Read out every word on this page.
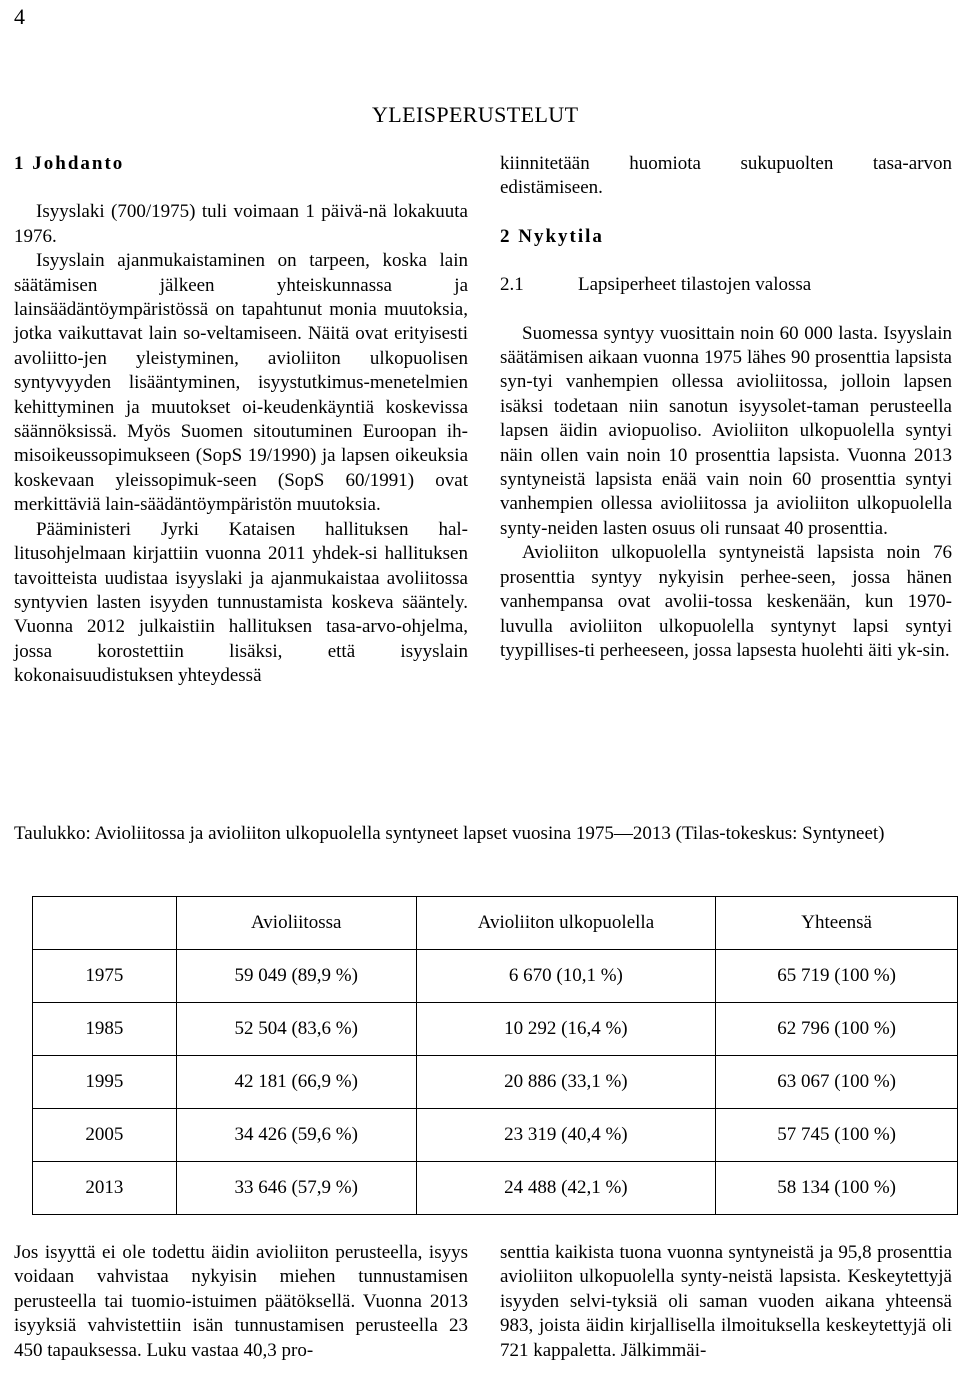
4
YLEISPERUSTELUT

1 Johdanto

Isyyslaki (700/1975) tuli voimaan 1 päivä-nä lokakuuta 1976.

Isyyslain ajanmukaistaminen on tarpeen, koska lain säätämisen jälkeen yhteiskunnassa ja lainsäädäntöympäristössä on tapahtunut monia muutoksia, jotka vaikuttavat lain so-veltamiseen. Näitä ovat erityisesti avoliitto-jen yleistyminen, avioliiton ulkopuolisen syntyvyyden lisääntyminen, isyystutkimus-menetelmien kehittyminen ja muutokset oi-keudenkäyntiä koskevissa säännöksissä. Myös Suomen sitoutuminen Euroopan ih-misoikeussopimukseen (SopS 19/1990) ja lapsen oikeuksia koskevaan yleissopimuk-seen (SopS 60/1991) ovat merkittäviä lain-säädäntöympäristön muutoksia.

Pääministeri Jyrki Kataisen hallituksen hal-litusohjelmaan kirjattiin vuonna 2011 yhdek-si hallituksen tavoitteista uudistaa isyyslaki ja ajanmukaistaa avoliitossa syntyvien lasten isyyden tunnustamista koskeva sääntely. Vuonna 2012 julkaistiin hallituksen tasa-arvo-ohjelma, jossa korostettiin lisäksi, että isyyslain kokonaisuudistuksen yhteydessä

kiinnitetään huomiota sukupuolten tasa-arvon edistämiseen.

2 Nykytila

2.1	Lapsiperheet tilastojen valossa

Suomessa syntyy vuosittain noin 60 000 lasta. Isyyslain säätämisen aikaan vuonna 1975 lähes 90 prosenttia lapsista syn-tyi vanhempien ollessa avioliitossa, jolloin lapsen isäksi todetaan niin sanotun isyysolet-taman perusteella lapsen äidin aviopuoliso. Avioliiton ulkopuolella syntyi näin ollen vain noin 10 prosenttia lapsista. Vuonna 2013 syntyneistä lapsista enää vain noin 60 prosenttia syntyi vanhempien ollessa avioliitossa ja avioliiton ulkopuolella synty-neiden lasten osuus oli runsaat 40 prosenttia.

Avioliiton ulkopuolella syntyneistä lapsista noin 76 prosenttia syntyy nykyisin perhee-seen, jossa hänen vanhempansa ovat avolii-tossa keskenään, kun 1970-luvulla avioliiton ulkopuolella syntynyt lapsi syntyi tyypillises-ti perheeseen, jossa lapsesta huolehti äiti yk-sin.

Taulukko: Avioliitossa ja avioliiton ulkopuolella syntyneet lapset vuosina 1975—2013 (Tilas-tokeskus: Syntyneet)
	Avioliitossa	Avioliiton ulkopuolella	Yhteensä
1975	59 049 (89,9 %)	6 670 (10,1 %)	65 719 (100 %)
1985	52 504 (83,6 %)	10 292 (16,4 %)	62 796 (100 %)
1995	42 181 (66,9 %)	20 886 (33,1 %)	63 067 (100 %)
2005	34 426 (59,6 %)	23 319 (40,4 %)	57 745 (100 %)
2013	33 646 (57,9 %)	24 488 (42,1 %)	58 134 (100 %)
Jos isyyttä ei ole todettu äidin avioliiton perusteella, isyys voidaan vahvistaa nykyisin miehen tunnustamisen perusteella tai tuomio-istuimen päätöksellä. Vuonna 2013 isyyksiä vahvistettiin isän tunnustamisen perusteella 23 450 tapauksessa. Luku vastaa 40,3 pro-
senttia kaikista tuona vuonna syntyneistä ja 95,8 prosenttia avioliiton ulkopuolella synty-neistä lapsista. Keskeytettyjä isyyden selvi-tyksiä oli saman vuoden aikana yhteensä 983, joista äidin kirjallisella ilmoituksella keskeytettyjä oli 721 kappaletta. Jälkimmäi-
